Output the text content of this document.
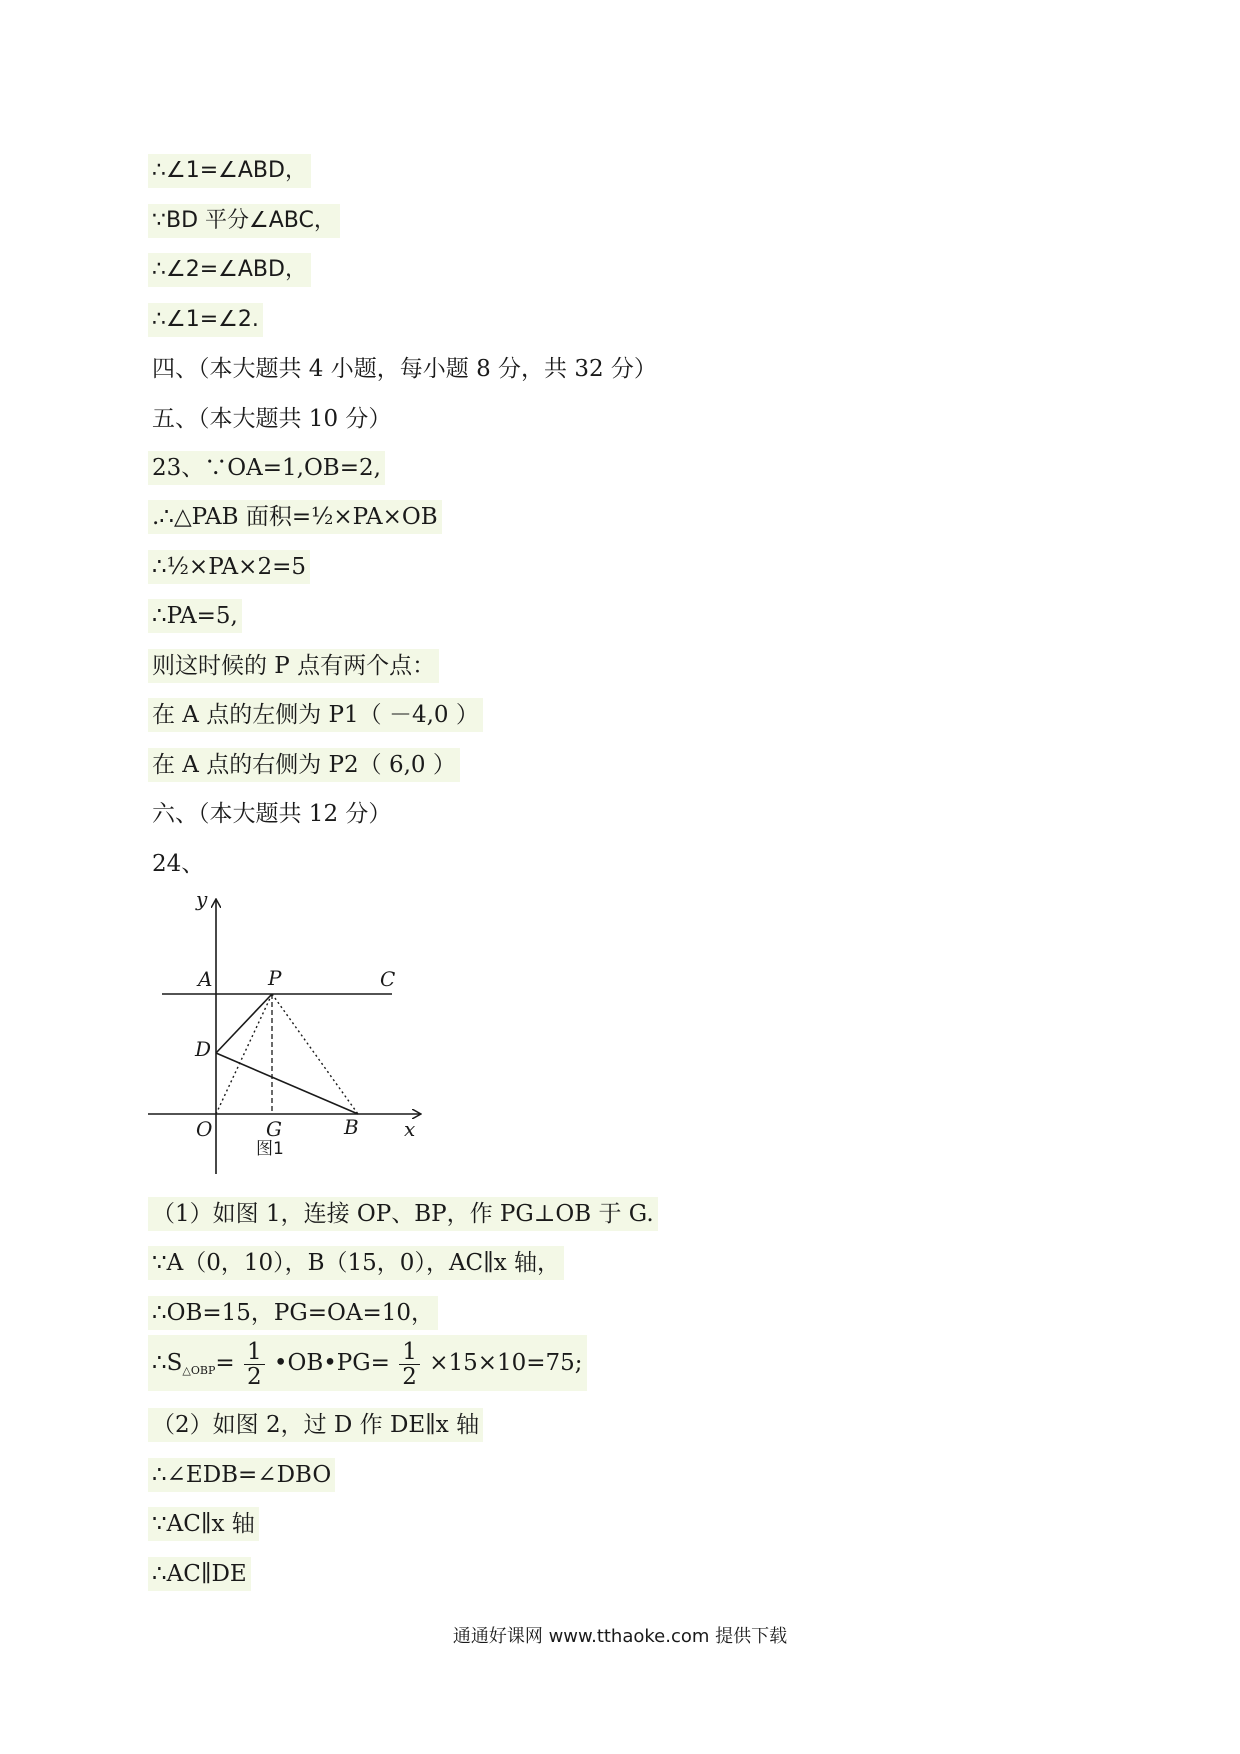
∴∠1=∠ABD，
∵BD 平分∠ABC，
∴∠2=∠ABD，
∴∠1=∠2.
四、（本大题共 4 小题，每小题 8 分，共 32 分）
五、（本大题共 10 分）
23、∵OA=1,OB=2,
.∴△PAB 面积=½×PA×OB
∴½×PA×2=5
∴PA=5,
则这时候的 P 点有两个点：
在 A 点的左侧为 P1（ －4,0 ）
在 A 点的右侧为 P2（ 6,0 ）
六、（本大题共 12 分）
24、
y
A	P	C
D
O	G	B x
图1
（1）如图 1，连接 OP、BP，作 PG⊥OB 于 G.
∵A（0，10），B（15，0），AC∥x 轴，
∴OB=15，PG=OA=10，
$\therefore S_{\triangle OBP}= \frac{1}{2}$ •OB•PG= $\frac{1}{2} \times 15\times 10=75$;
（2）如图 2，过 D 作 DE∥x 轴
∴∠EDB=∠DBO
∵AC∥x 轴
∴AC∥DE
通通好课网 www.tthaoke.com 提供下载
